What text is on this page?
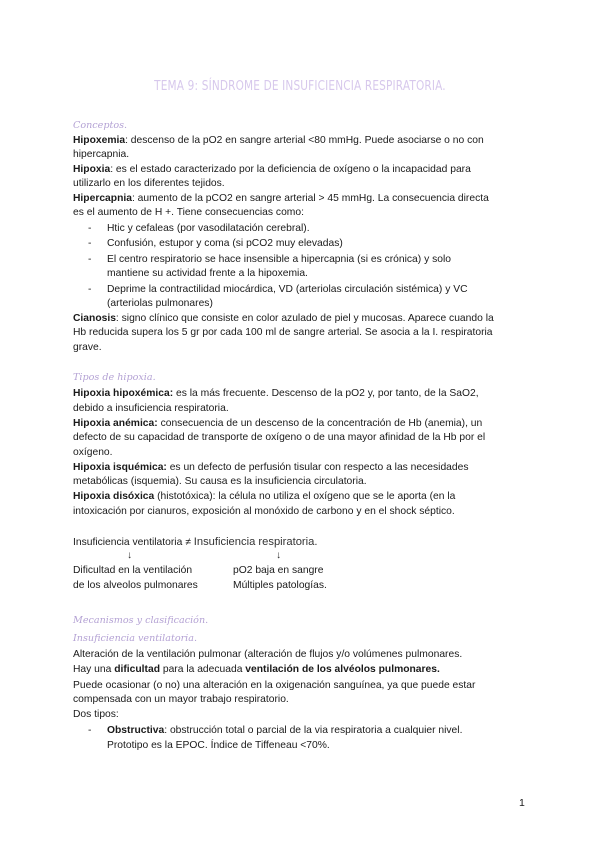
TEMA 9: SÍNDROME DE INSUFICIENCIA RESPIRATORIA.
Conceptos.
Hipoxemia: descenso de la pO2 en sangre arterial <80 mmHg. Puede asociarse o no con
hipercapnia.
Hipoxia: es el estado caracterizado por la deficiencia de oxígeno o la incapacidad para
utilizarlo en los diferentes tejidos.
Hipercapnia: aumento de la pCO2 en sangre arterial > 45 mmHg. La consecuencia directa
es el aumento de H +. Tiene consecuencias como:
- Htic y cefaleas (por vasodilatación cerebral).
- Confusión, estupor y coma (si pCO2 muy elevadas)
- El centro respiratorio se hace insensible a hipercapnia (si es crónica) y solo
mantiene su actividad frente a la hipoxemia.
- Deprime la contractilidad miocárdica, VD (arteriolas circulación sistémica) y VC
(arteriolas pulmonares)
Cianosis: signo clínico que consiste en color azulado de piel y mucosas. Aparece cuando la
Hb reducida supera los 5 gr por cada 100 ml de sangre arterial. Se asocia a la I. respiratoria
grave.
Tipos de hipoxia.
Hipoxia hipoxémica: es la más frecuente. Descenso de la pO2 y, por tanto, de la SaO2,
debido a insuficiencia respiratoria.
Hipoxia anémica: consecuencia de un descenso de la concentración de Hb (anemia), un
defecto de su capacidad de transporte de oxígeno o de una mayor afinidad de la Hb por el
oxígeno.
Hipoxia isquémica: es un defecto de perfusión tisular con respecto a las necesidades
metabólicas (isquemia). Su causa es la insuficiencia circulatoria.
Hipoxia disóxica (histotóxica): la célula no utiliza el oxígeno que se le aporta (en la
intoxicación por cianuros, exposición al monóxido de carbono y en el shock séptico.
Insuficiencia ventilatoria ≠ Insuficiencia respiratoria.
↓	↓
Dificultad en la ventilación
de los alveolos pulmonares
pO2 baja en sangre
Múltiples patologías.
Mecanismos y clasificación.
Insuficiencia ventilatoria.
Alteración de la ventilación pulmonar (alteración de flujos y/o volúmenes pulmonares.
Hay una dificultad para la adecuada ventilación de los alvéolos pulmonares.
Puede ocasionar (o no) una alteración en la oxigenación sanguínea, ya que puede estar
compensada con un mayor trabajo respiratorio.
Dos tipos:
- Obstructiva: obstrucción total o parcial de la via respiratoria a cualquier nivel.
Prototipo es la EPOC. Índice de Tiffeneau <70%.
1
